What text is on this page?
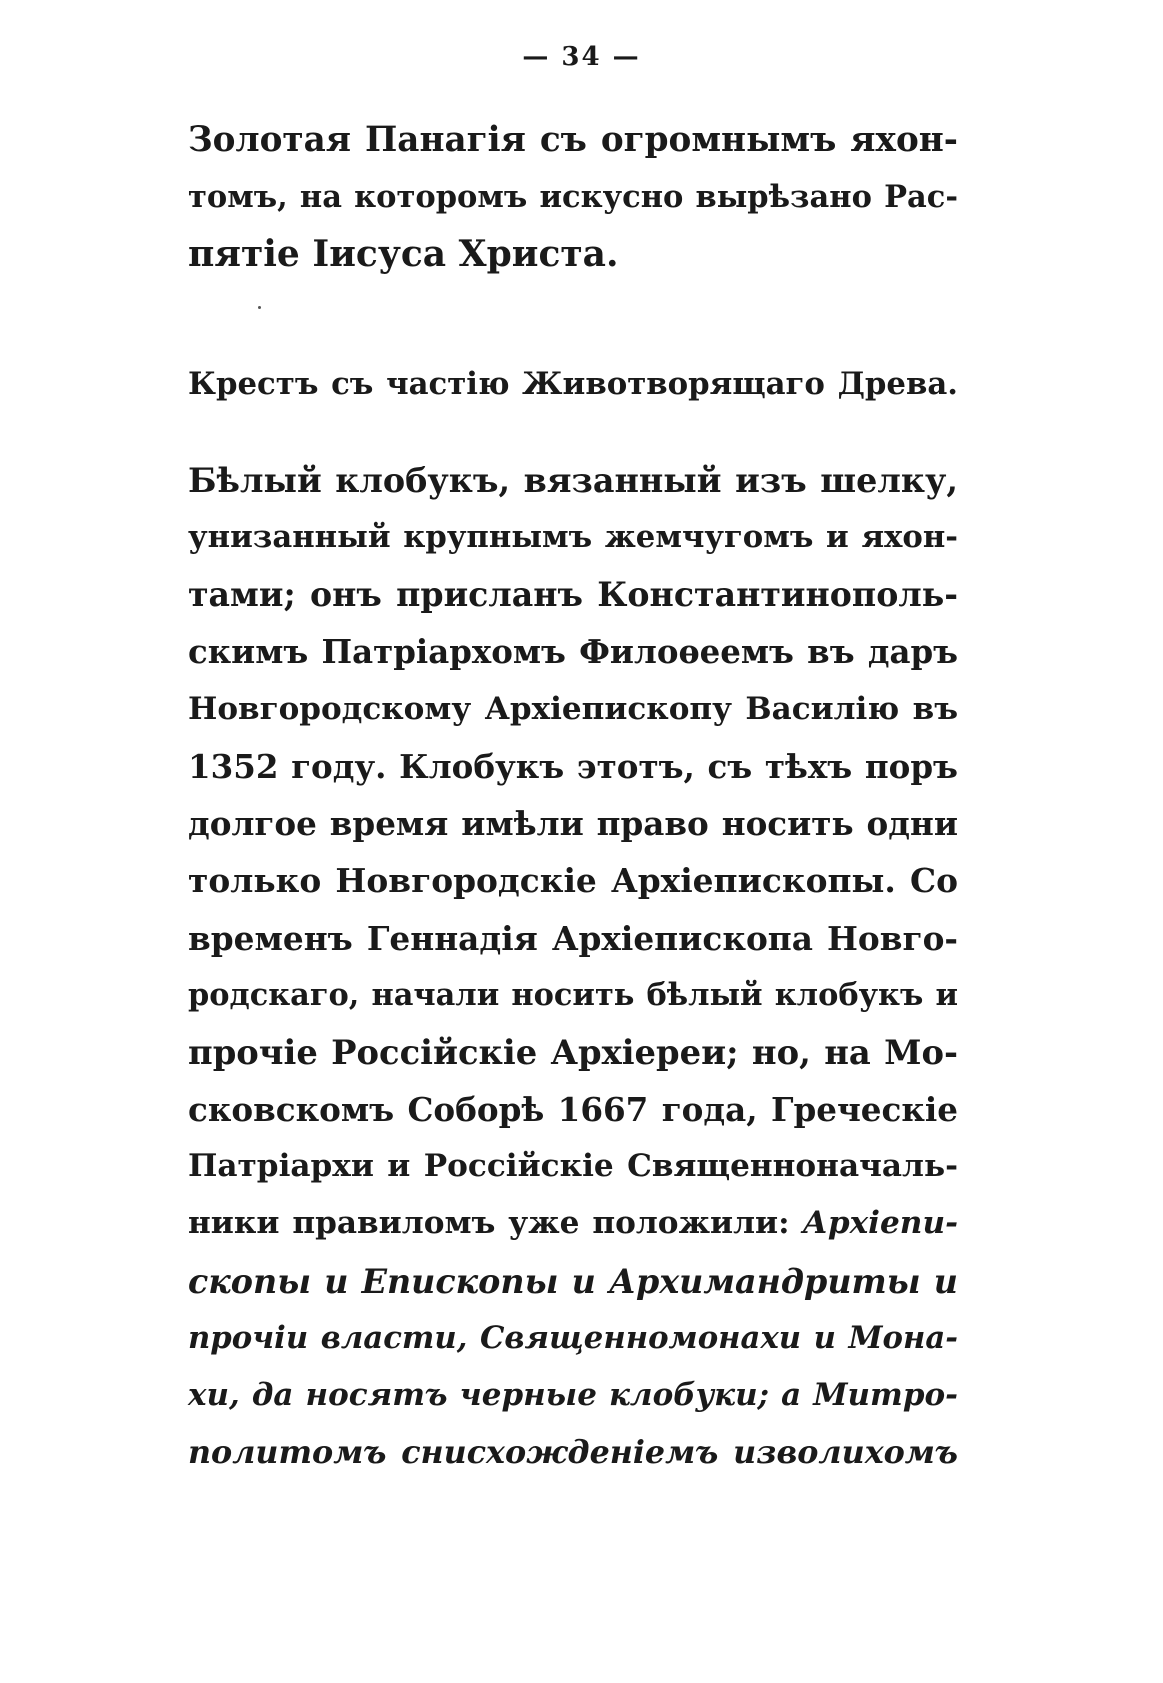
— 34 —
Золотая Панагія съ огромнымъ яхон-
томъ, на которомъ искусно вырѣзано Рас-
пятіе Іисуса Христа.
Крестъ съ частію Животворящаго Древа.
Бѣлый клобукъ, вязанный изъ шелку,
унизанный крупнымъ жемчугомъ и яхон-
тами; онъ присланъ Константинополь-
скимъ Патріархомъ Филоѳеемъ въ даръ
Новгородскому Архіепископу Василію въ
1352 году. Клобукъ этотъ, съ тѣхъ поръ
долгое время имѣли право носить одни
только Новгородскіе Архіепископы. Со
временъ Геннадія Архіепископа Новго-
родскаго, начали носить бѣлый клобукъ и
прочіе Россійскіе Архіереи; но, на Мо-
сковскомъ Соборѣ 1667 года, Греческіе
Патріархи и Россійскіе Священноначаль-
ники правиломъ уже положили: Архіепи-
скопы и Епископы и Архимандриты и
прочіи власти, Священномонахи и Мона-
хи, да носятъ черные клобуки; а Митро-
политомъ снисхожденіемъ изволихомъ
